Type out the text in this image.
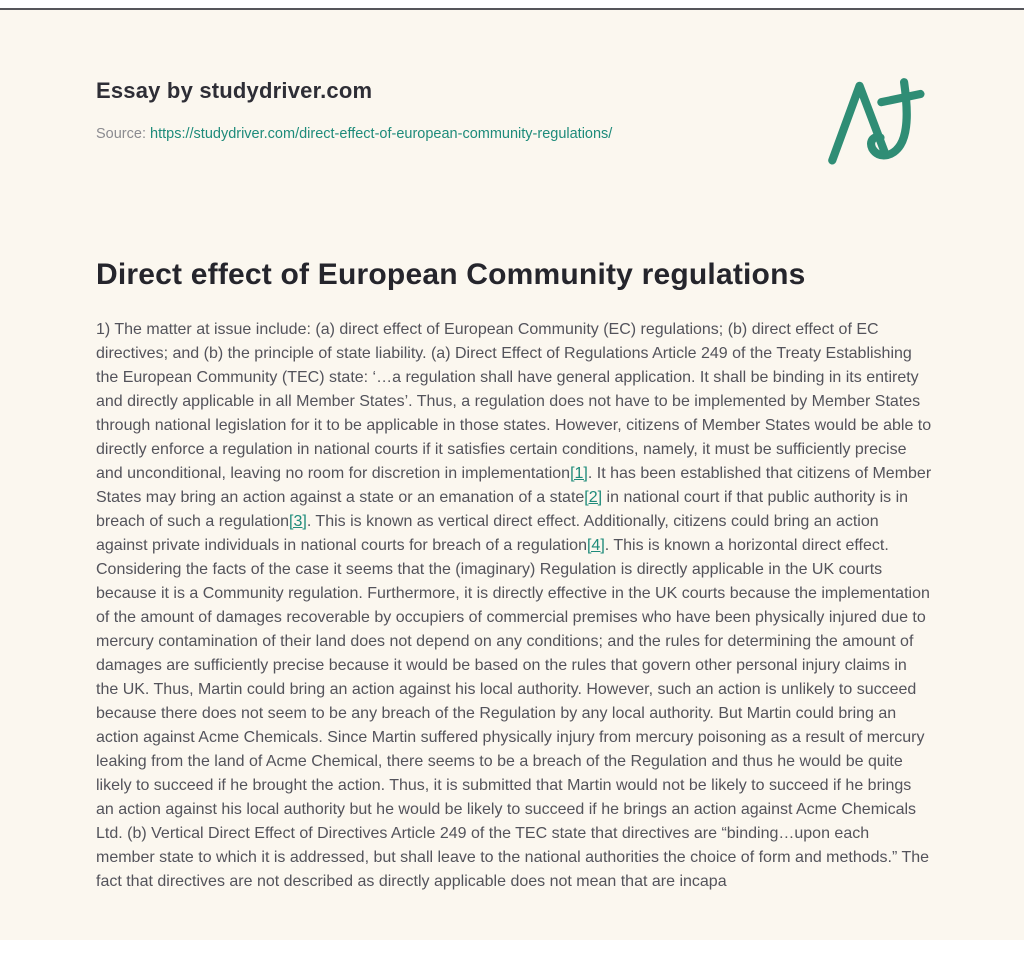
Essay by studydriver.com
Source: https://studydriver.com/direct-effect-of-european-community-regulations/
Direct effect of European Community regulations
1) The matter at issue include: (a) direct effect of European Community (EC) regulations; (b) direct effect of EC directives; and (b) the principle of state liability. (a) Direct Effect of Regulations Article 249 of the Treaty Establishing the European Community (TEC) state: ‘…a regulation shall have general application. It shall be binding in its entirety and directly applicable in all Member States’. Thus, a regulation does not have to be implemented by Member States through national legislation for it to be applicable in those states. However, citizens of Member States would be able to directly enforce a regulation in national courts if it satisfies certain conditions, namely, it must be sufficiently precise and unconditional, leaving no room for discretion in implementation[1]. It has been established that citizens of Member States may bring an action against a state or an emanation of a state[2] in national court if that public authority is in breach of such a regulation[3]. This is known as vertical direct effect. Additionally, citizens could bring an action against private individuals in national courts for breach of a regulation[4]. This is known a horizontal direct effect. Considering the facts of the case it seems that the (imaginary) Regulation is directly applicable in the UK courts because it is a Community regulation. Furthermore, it is directly effective in the UK courts because the implementation of the amount of damages recoverable by occupiers of commercial premises who have been physically injured due to mercury contamination of their land does not depend on any conditions; and the rules for determining the amount of damages are sufficiently precise because it would be based on the rules that govern other personal injury claims in the UK. Thus, Martin could bring an action against his local authority. However, such an action is unlikely to succeed because there does not seem to be any breach of the Regulation by any local authority. But Martin could bring an action against Acme Chemicals. Since Martin suffered physically injury from mercury poisoning as a result of mercury leaking from the land of Acme Chemical, there seems to be a breach of the Regulation and thus he would be quite likely to succeed if he brought the action. Thus, it is submitted that Martin would not be likely to succeed if he brings an action against his local authority but he would be likely to succeed if he brings an action against Acme Chemicals Ltd. (b) Vertical Direct Effect of Directives Article 249 of the TEC state that directives are “binding…upon each member state to which it is addressed, but shall leave to the national authorities the choice of form and methods.” The fact that directives are not described as directly applicable does not mean that are incapa
